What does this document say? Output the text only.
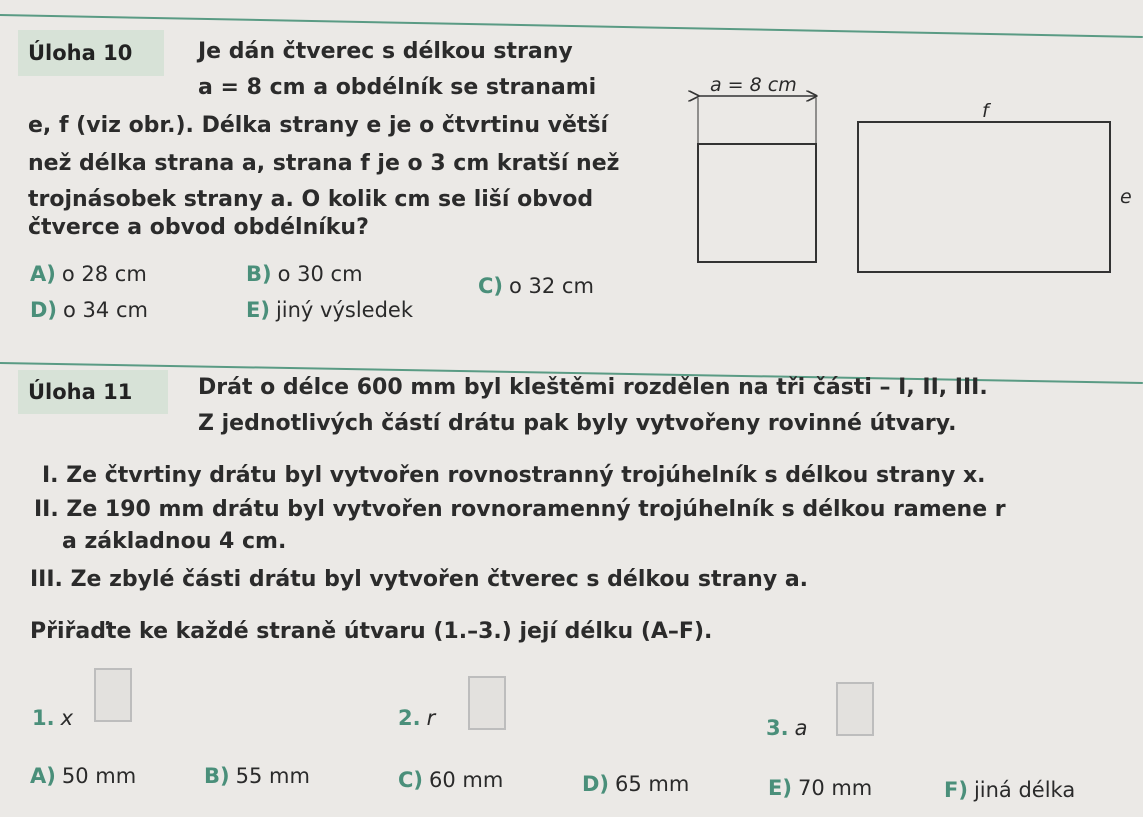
Úloha 10	Je dán čtverec s délkou strany
a = 8 cm a obdélník se stranami
e, f (viz obr.). Délka strany e je o čtvrtinu větší
než délka strana a, strana f je o 3 cm kratší než
trojnásobek strany a. O kolik cm se liší obvod
čtverce a obvod obdélníku?
A) o 28 cm	B) o 30 cm	C) o 32 cm
D) o 34 cm	E) jiný výsledek
a = 8 cm
f
e
Úloha 11	Drát o délce 600 mm byl kleštěmi rozdělen na tři části – I, II, III.
Z jednotlivých částí drátu pak byly vytvořeny rovinné útvary.
I. Ze čtvrtiny drátu byl vytvořen rovnostranný trojúhelník s délkou strany x.
II. Ze 190 mm drátu byl vytvořen rovnoramenný trojúhelník s délkou ramene r
a základnou 4 cm.
III. Ze zbylé části drátu byl vytvořen čtverec s délkou strany a.
Přiřaďte ke každé straně útvaru (1.–3.) její délku (A–F).
1. x	2. r	3. a
A) 50 mm	B) 55 mm	C) 60 mm	D) 65 mm	E) 70 mm	F) jiná délka
